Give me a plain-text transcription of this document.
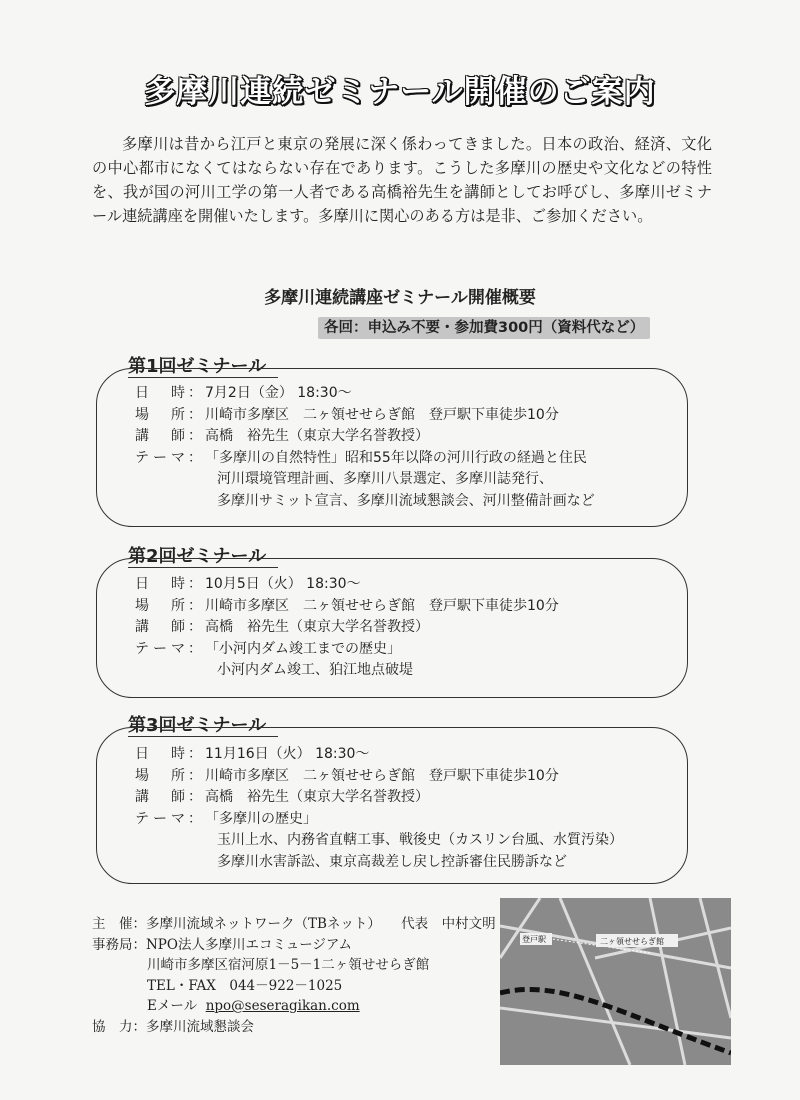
多摩川連続ゼミナール開催のご案内
多摩川は昔から江戸と東京の発展に深く係わってきました。日本の政治、経済、文化の中心都市になくてはならない存在であります。こうした多摩川の歴史や文化などの特性を、我が国の河川工学の第一人者である高橋裕先生を講師としてお呼びし、多摩川ゼミナール連続講座を開催いたします。多摩川に関心のある方は是非、ご参加ください。
多摩川連続講座ゼミナール開催概要
各回：申込み不要・参加費300円（資料代など）
第1回ゼミナール
日時 ： 7月2日（金） 18:30～
場所 ： 川崎市多摩区　二ヶ領せせらぎ館　登戸駅下車徒歩10分
講師 ： 高橋　裕先生（東京大学名誉教授）
テーマ ： 「多摩川の自然特性」昭和55年以降の河川行政の経過と住民
河川環境管理計画、多摩川八景選定、多摩川誌発行、
多摩川サミット宣言、多摩川流域懇談会、河川整備計画など
第2回ゼミナール
日時 ： 10月5日（火） 18:30～
場所 ： 川崎市多摩区　二ヶ領せせらぎ館　登戸駅下車徒歩10分
講師 ： 高橋　裕先生（東京大学名誉教授）
テーマ ： 「小河内ダム竣工までの歴史」
小河内ダム竣工、狛江地点破堤
第3回ゼミナール
日時 ： 11月16日（火） 18:30～
場所 ： 川崎市多摩区　二ヶ領せせらぎ館　登戸駅下車徒歩10分
講師 ： 高橋　裕先生（東京大学名誉教授）
テーマ ： 「多摩川の歴史」
玉川上水、内務省直轄工事、戦後史（カスリン台風、水質汚染）
多摩川水害訴訟、東京高裁差し戻し控訴審住民勝訴など
主　催：多摩川流域ネットワーク（TBネット）　　代表　中村文明
事務局：NPO法人多摩川エコミュージアム
川崎市多摩区宿河原1－5－1二ヶ領せせらぎ館
TEL・FAX　044－922－1025
Eメール npo@seseragikan.com
協　力：多摩川流域懇談会
登戸駅	二ヶ領せせらぎ館
